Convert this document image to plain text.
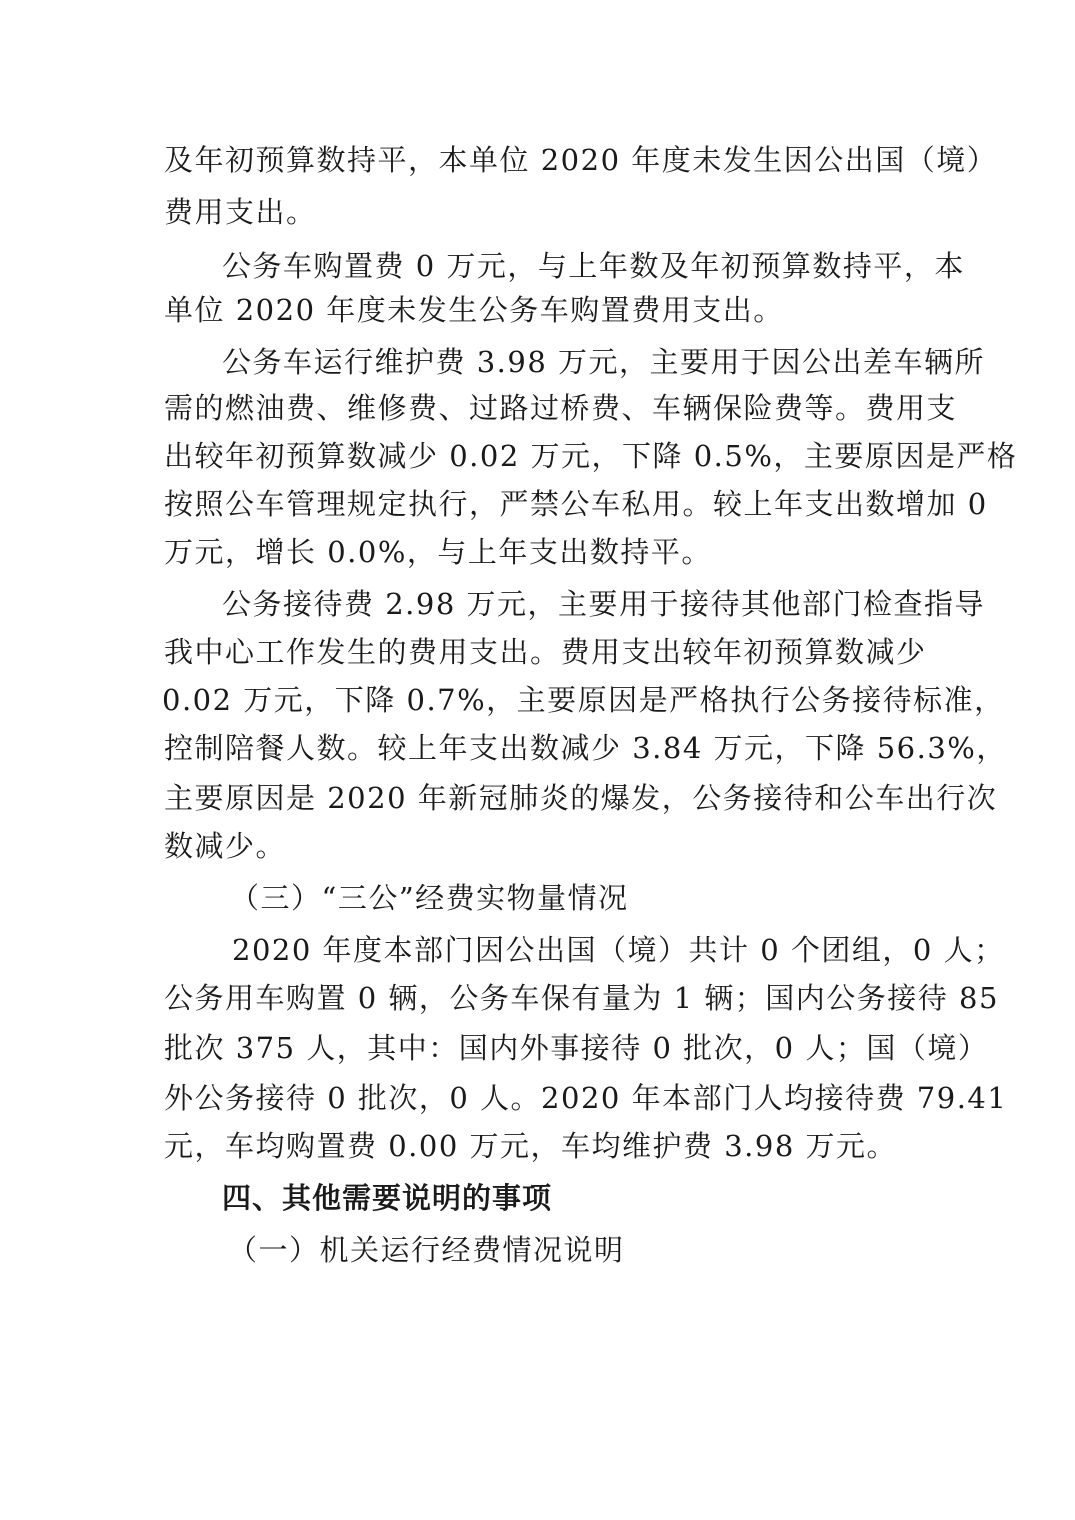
及年初预算数持平，本单位 2020 年度未发生因公出国（境）
费用支出。
公务车购置费 0 万元，与上年数及年初预算数持平，本
单位 2020 年度未发生公务车购置费用支出。
公务车运行维护费 3.98 万元，主要用于因公出差车辆所
需的燃油费、维修费、过路过桥费、车辆保险费等。费用支
出较年初预算数减少 0.02 万元，下降 0.5%，主要原因是严格
按照公车管理规定执行，严禁公车私用。较上年支出数增加 0
万元，增长 0.0%，与上年支出数持平。
公务接待费 2.98 万元，主要用于接待其他部门检查指导
我中心工作发生的费用支出。费用支出较年初预算数减少
0.02 万元，下降 0.7%，主要原因是严格执行公务接待标准，
控制陪餐人数。较上年支出数减少 3.84 万元，下降 56.3%，
主要原因是 2020 年新冠肺炎的爆发，公务接待和公车出行次
数减少。
（三）“三公”经费实物量情况
2020 年度本部门因公出国（境）共计 0 个团组，0 人；
公务用车购置 0 辆，公务车保有量为 1 辆；国内公务接待 85
批次 375 人，其中：国内外事接待 0 批次，0 人；国（境）
外公务接待 0 批次，0 人。2020 年本部门人均接待费 79.41
元，车均购置费 0.00 万元，车均维护费 3.98 万元。
四、其他需要说明的事项
（一）机关运行经费情况说明
